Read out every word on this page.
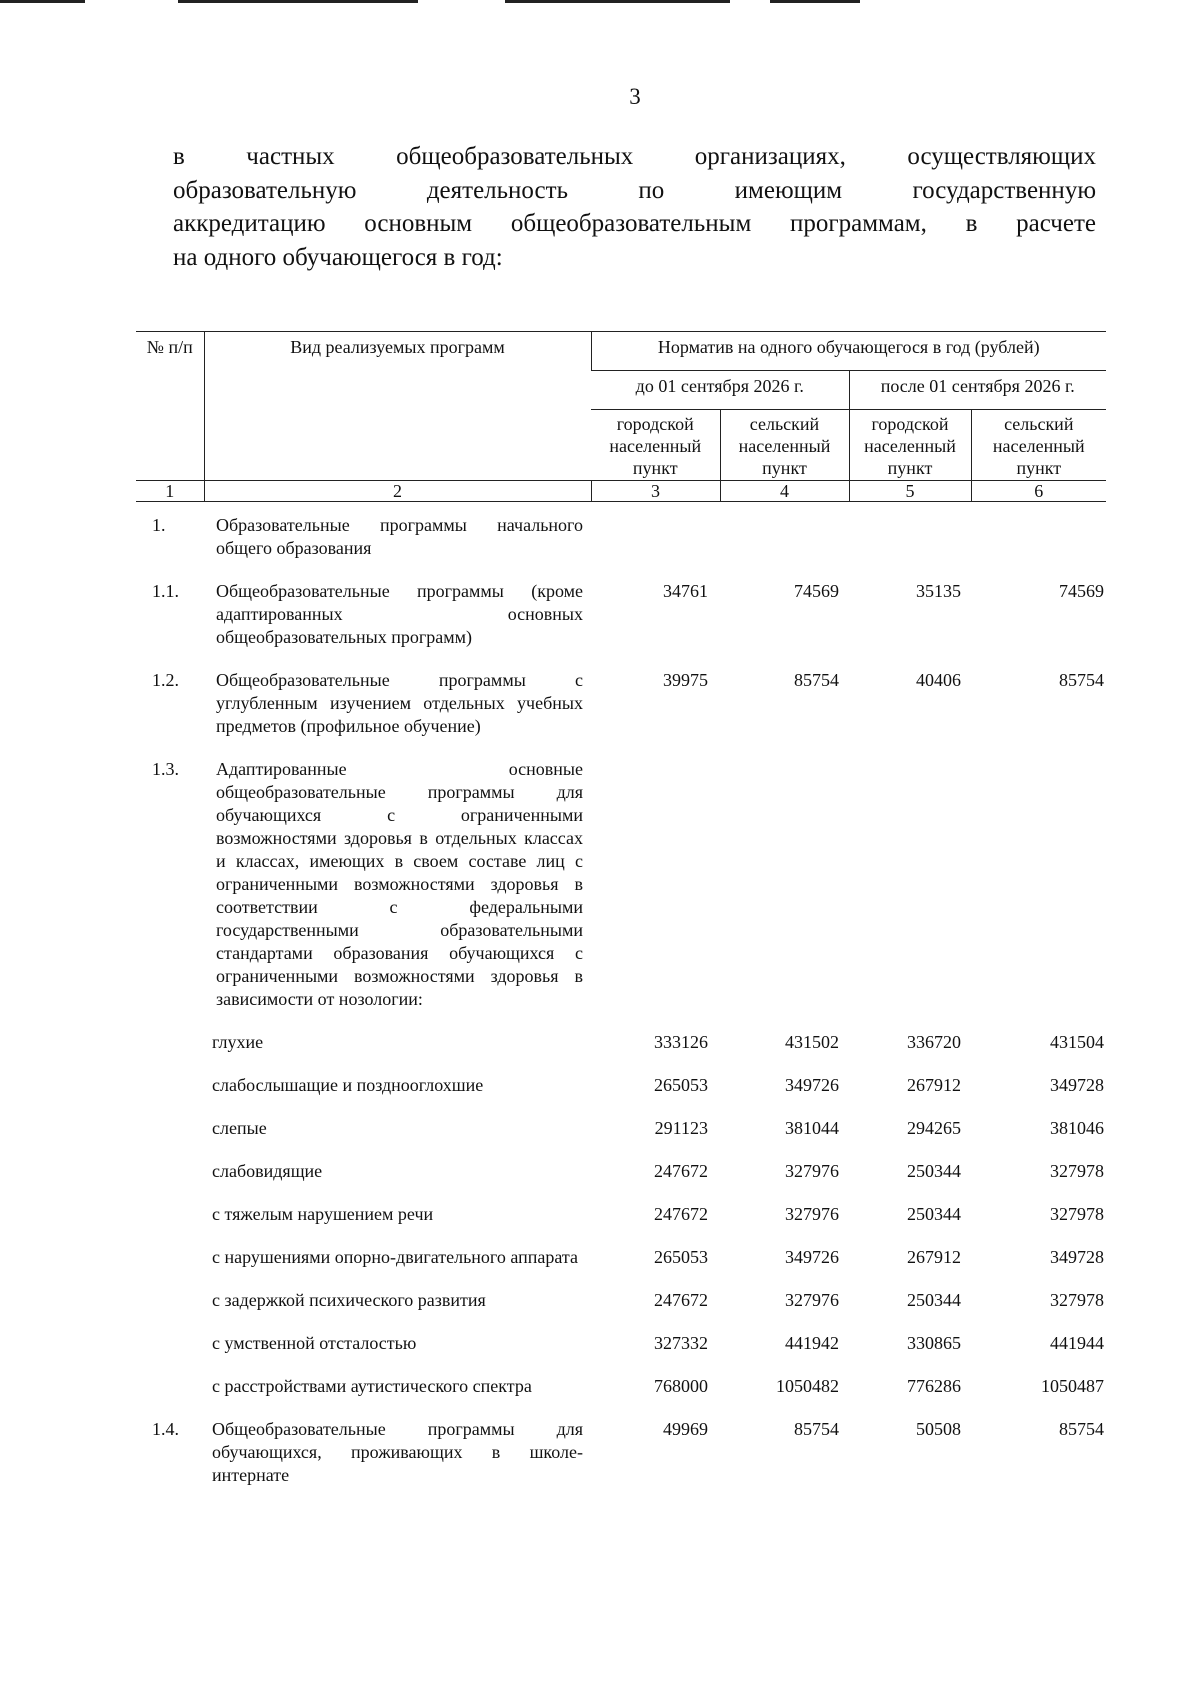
3
в частных общеобразовательных организациях, осуществляющих
образовательную деятельность по имеющим государственную
аккредитацию основным общеобразовательным программам, в расчете
на одного обучающегося в год:
№ п/п	Вид реализуемых программ	Норматив на одного обучающегося в год (рублей)			
		до 01 сентября 2026 г.		после 01 сентября 2026 г.	
		городской населенный пункт	сельский населенный пункт	городской населенный пункт	сельский населенный пункт
1	2	3	4	5	6
1.	Образовательные программы начального общего образования				
1.1.	Общеобразовательные программы (кроме адаптированных основных общеобразовательных программ)	34761	74569	35135	74569
1.2.	Общеобразовательные программы с углубленным изучением отдельных учебных предметов (профильное обучение)	39975	85754	40406	85754
1.3.	Адаптированные основные общеобразовательные программы для обучающихся с ограниченными возможностями здоровья в отдельных классах и классах, имеющих в своем составе лиц с ограниченными возможностями здоровья в соответствии с федеральными государственными образовательными стандартами образования обучающихся с ограниченными возможностями здоровья в зависимости от нозологии:				
	глухие	333126	431502	336720	431504
	слабослышащие и позднооглохшие	265053	349726	267912	349728
	слепые	291123	381044	294265	381046
	слабовидящие	247672	327976	250344	327978
	с тяжелым нарушением речи	247672	327976	250344	327978
	с нарушениями опорно-двигательного аппарата	265053	349726	267912	349728
	с задержкой психического развития	247672	327976	250344	327978
	с умственной отсталостью	327332	441942	330865	441944
	с расстройствами аутистического спектра	768000	1050482	776286	1050487
1.4.	Общеобразовательные программы для обучающихся, проживающих в школе-интернате	49969	85754	50508	85754
